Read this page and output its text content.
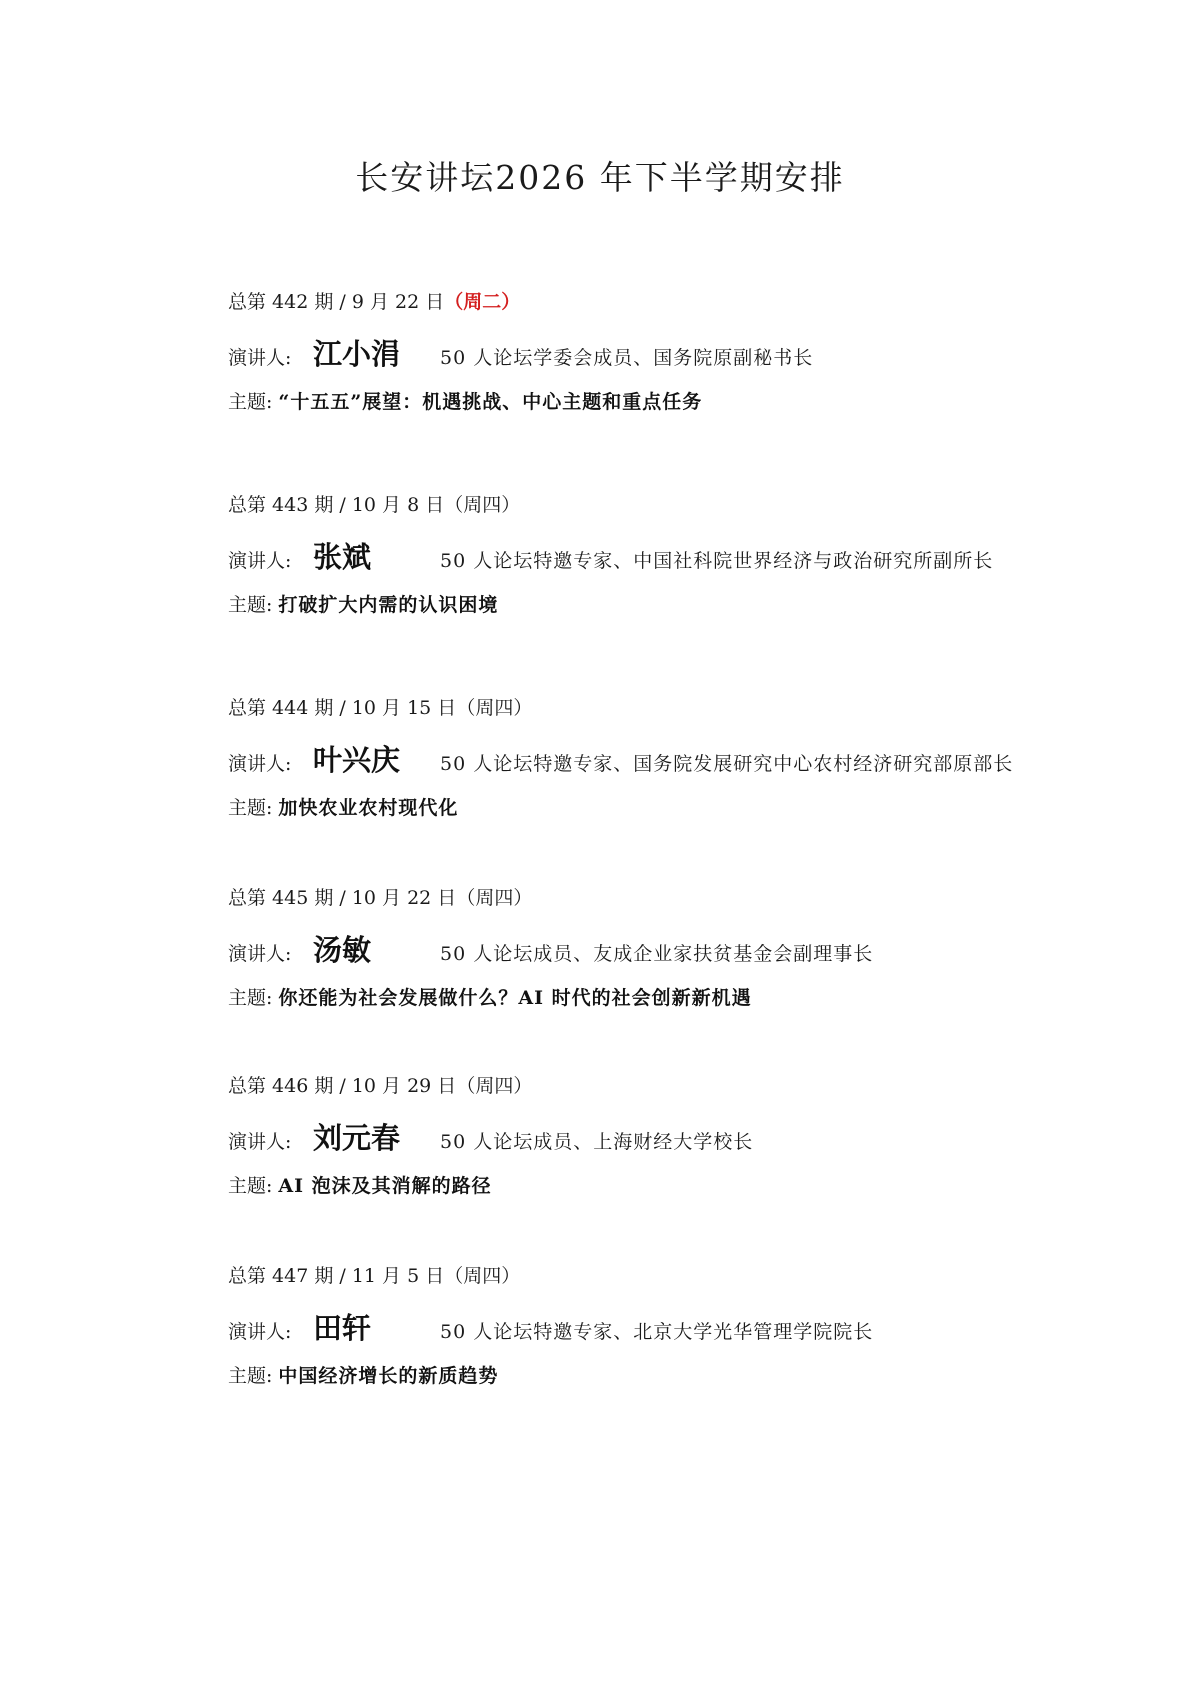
长安讲坛2026 年下半学期安排
总第 442 期 / 9 月 22 日（周二）
演讲人: 江小涓 50 人论坛学委会成员、国务院原副秘书长
主题: “十五五”展望：机遇挑战、中心主题和重点任务
总第 443 期 / 10 月 8 日（周四）
演讲人: 张斌	50 人论坛特邀专家、中国社科院世界经济与政治研究所副所长
主题: 打破扩大内需的认识困境
总第 444 期 / 10 月 15 日（周四）
演讲人: 叶兴庆 50 人论坛特邀专家、国务院发展研究中心农村经济研究部原部长
主题: 加快农业农村现代化
总第 445 期 / 10 月 22 日（周四）
演讲人: 汤敏	50 人论坛成员、友成企业家扶贫基金会副理事长
主题: 你还能为社会发展做什么？AI 时代的社会创新新机遇
总第 446 期 / 10 月 29 日（周四）
演讲人: 刘元春 50 人论坛成员、上海财经大学校长
主题: AI 泡沫及其消解的路径
总第 447 期 / 11 月 5 日（周四）
演讲人: 田轩	50 人论坛特邀专家、北京大学光华管理学院院长
主题: 中国经济增长的新质趋势
